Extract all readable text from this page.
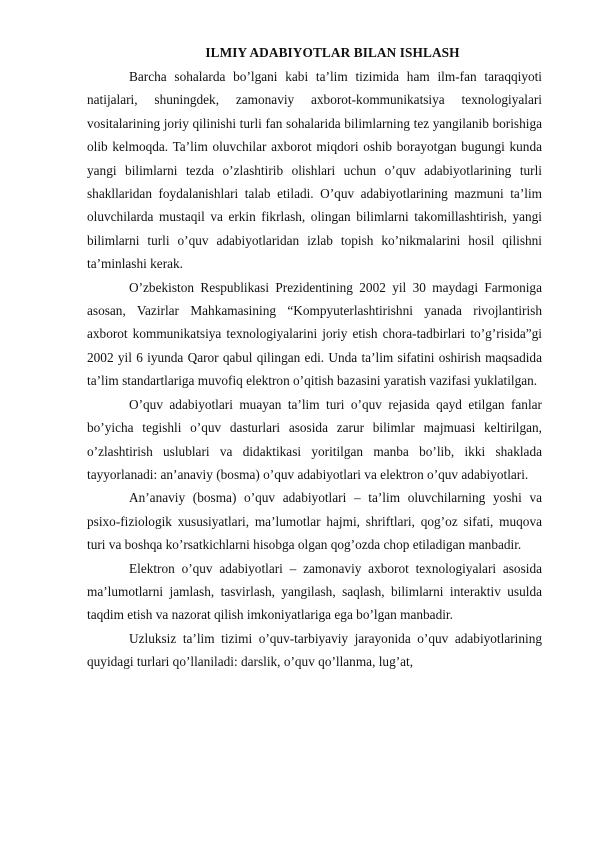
ILMIY ADABIYOTLAR BILAN ISHLASH

Barcha sohalarda bo’lgani kabi ta’lim tizimida ham ilm-fan taraqqiyoti natijalari, shuningdek, zamonaviy axborot-kommunikatsiya texnologiyalari vositalarining joriy qilinishi turli fan sohalarida bilimlarning tez yangilanib borishiga olib kelmoqda. Ta’lim oluvchilar axborot miqdori oshib borayotgan bugungi kunda yangi bilimlarni tezda o’zlashtirib olishlari uchun o’quv adabiyotlarining turli shakllaridan foydalanishlari talab etiladi. O’quv adabiyotlarining mazmuni ta’lim oluvchilarda mustaqil va erkin fikrlash, olingan bilimlarni takomillashtirish, yangi bilimlarni turli o’quv adabiyotlaridan izlab topish ko’nikmalarini hosil qilishni ta’minlashi kerak.

O’zbekiston Respublikasi Prezidentining 2002 yil 30 maydagi Farmoniga asosan, Vazirlar Mahkamasining “Kompyuterlashtirishni yanada rivojlantirish axborot kommunikatsiya texnologiyalarini joriy etish chora-tadbirlari to’g’risida”gi 2002 yil 6 iyunda Qaror qabul qilingan edi. Unda ta’lim sifatini oshirish maqsadida ta’lim standartlariga muvofiq elektron o’qitish bazasini yaratish vazifasi yuklatilgan.

O’quv adabiyotlari muayan ta’lim turi o’quv rejasida qayd etilgan fanlar bo’yicha tegishli o’quv dasturlari asosida zarur bilimlar majmuasi keltirilgan, o’zlashtirish uslublari va didaktikasi yoritilgan manba bo’lib, ikki shaklada tayyorlanadi: an’anaviy (bosma) o’quv adabiyotlari va elektron o’quv adabiyotlari.

An’anaviy (bosma) o’quv adabiyotlari – ta’lim oluvchilarning yoshi va psixo-fiziologik xususiyatlari, ma’lumotlar hajmi, shriftlari, qog’oz sifati, muqova turi va boshqa ko’rsatkichlarni hisobga olgan qog’ozda chop etiladigan manbadir.

Elektron o’quv adabiyotlari – zamonaviy axborot texnologiyalari asosida ma’lumotlarni jamlash, tasvirlash, yangilash, saqlash, bilimlarni interaktiv usulda taqdim etish va nazorat qilish imkoniyatlariga ega bo’lgan manbadir.

Uzluksiz ta’lim tizimi o’quv-tarbiyaviy jarayonida o’quv adabiyotlarining quyidagi turlari qo’llaniladi: darslik, o’quv qo’llanma, lug’at,
